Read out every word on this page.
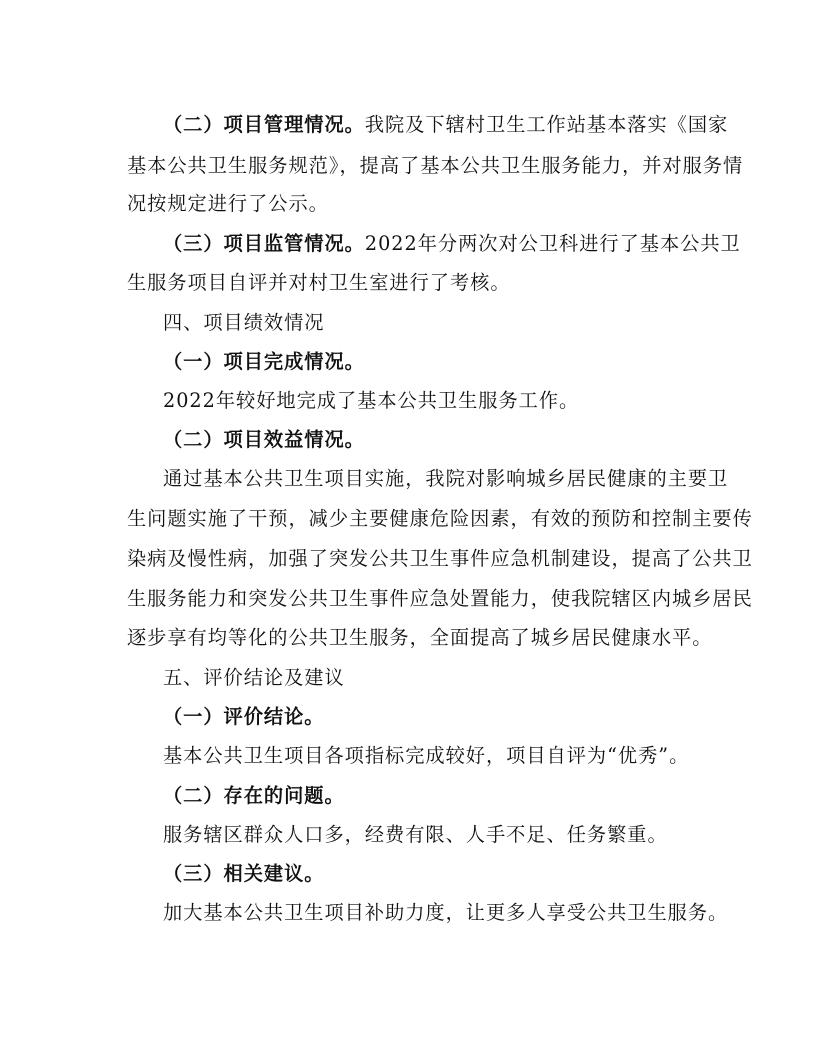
（二）项目管理情况。我院及下辖村卫生工作站基本落实《国家
基本公共卫生服务规范》，提高了基本公共卫生服务能力，并对服务情
况按规定进行了公示。
（三）项目监管情况。2022年分两次对公卫科进行了基本公共卫
生服务项目自评并对村卫生室进行了考核。
四、项目绩效情况
（一）项目完成情况。
2022年较好地完成了基本公共卫生服务工作。
（二）项目效益情况。
通过基本公共卫生项目实施，我院对影响城乡居民健康的主要卫
生问题实施了干预，减少主要健康危险因素，有效的预防和控制主要传
染病及慢性病，加强了突发公共卫生事件应急机制建设，提高了公共卫
生服务能力和突发公共卫生事件应急处置能力，使我院辖区内城乡居民
逐步享有均等化的公共卫生服务，全面提高了城乡居民健康水平。
五、评价结论及建议
（一）评价结论。
基本公共卫生项目各项指标完成较好，项目自评为“优秀”。
（二）存在的问题。
服务辖区群众人口多，经费有限、人手不足、任务繁重。
（三）相关建议。
加大基本公共卫生项目补助力度，让更多人享受公共卫生服务。
